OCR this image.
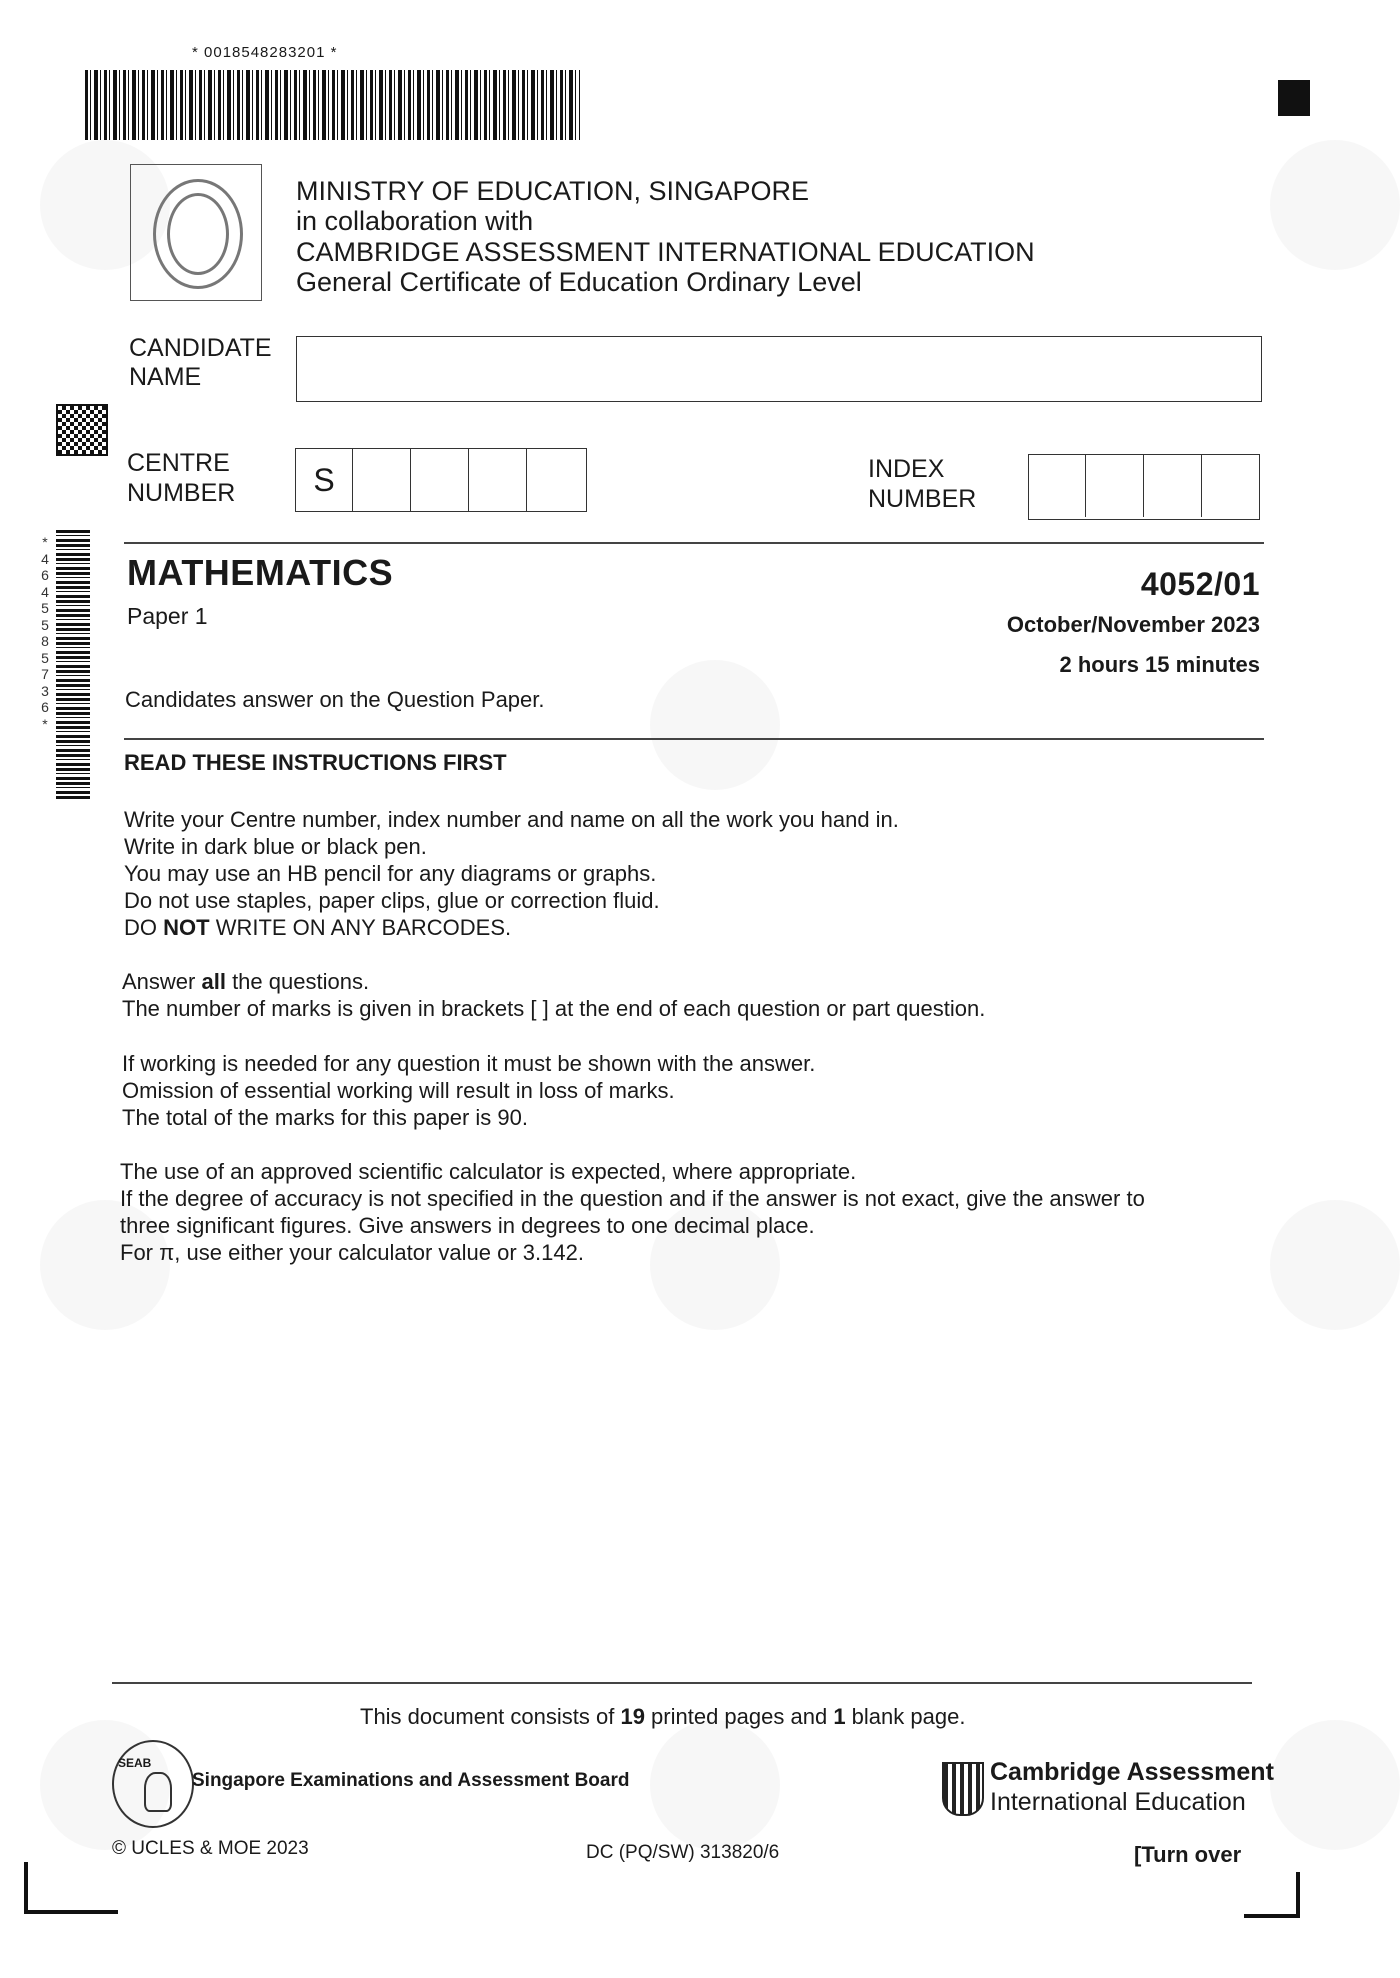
* 0018548283201 *
MINISTRY OF EDUCATION, SINGAPORE
in collaboration with
CAMBRIDGE ASSESSMENT INTERNATIONAL EDUCATION
General Certificate of Education Ordinary Level
CANDIDATE
NAME
CENTRE
NUMBER	S	INDEX
NUMBER
*
4
6
4
5
5
8
5
7
3
6
*
MATHEMATICS
Paper 1
4052/01
October/November 2023
2 hours 15 minutes
Candidates answer on the Question Paper.
READ THESE INSTRUCTIONS FIRST
Write your Centre number, index number and name on all the work you hand in.
Write in dark blue or black pen.
You may use an HB pencil for any diagrams or graphs.
Do not use staples, paper clips, glue or correction fluid.
DO NOT WRITE ON ANY BARCODES.
Answer all the questions.
The number of marks is given in brackets [ ] at the end of each question or part question.
If working is needed for any question it must be shown with the answer.
Omission of essential working will result in loss of marks.
The total of the marks for this paper is 90.
The use of an approved scientific calculator is expected, where appropriate.
If the degree of accuracy is not specified in the question and if the answer is not exact, give the answer to
three significant figures. Give answers in degrees to one decimal place.
For π, use either your calculator value or 3.142.
This document consists of 19 printed pages and 1 blank page.
SEAB
Singapore Examinations and Assessment Board	Cambridge Assessment
International Education
© UCLES & MOE 2023	DC (PQ/SW) 313820/6	[Turn over
